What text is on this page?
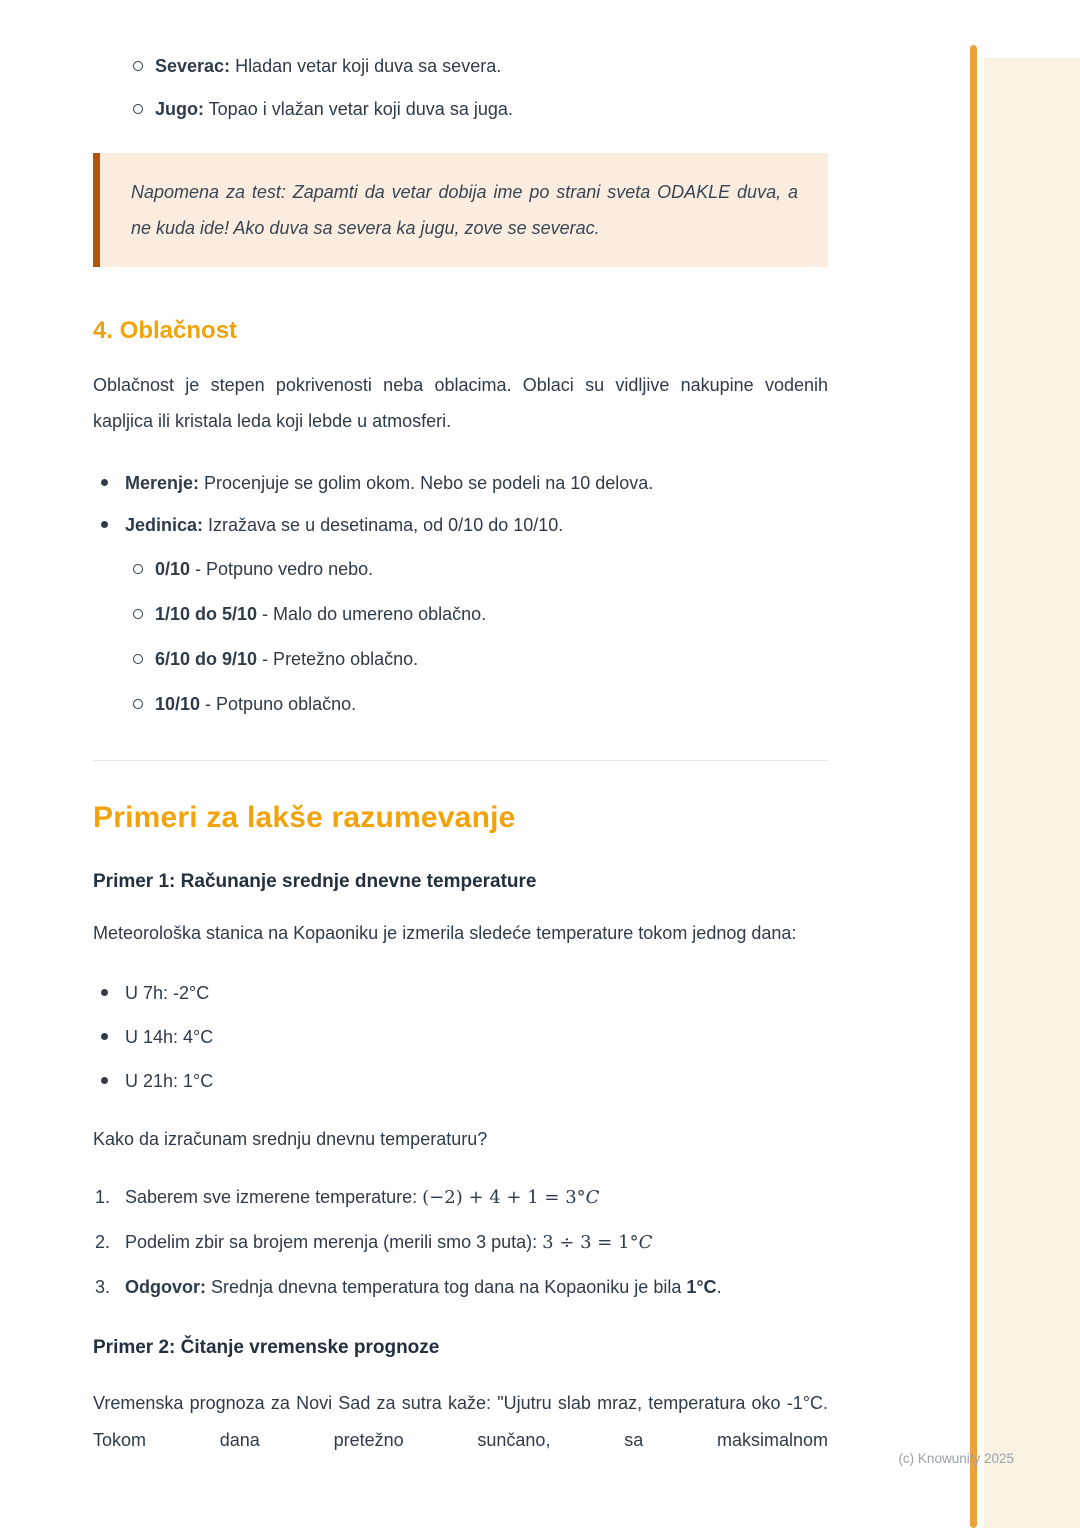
Severac: Hladan vetar koji duva sa severa.
Jugo: Topao i vlažan vetar koji duva sa juga.

Napomena za test: Zapamti da vetar dobija ime po strani sveta ODAKLE duva, a ne kuda ide! Ako duva sa severa ka jugu, zove se severac.

4. Oblačnost

Oblačnost je stepen pokrivenosti neba oblacima. Oblaci su vidljive nakupine vodenih kapljica ili kristala leda koji lebde u atmosferi.

Merenje: Procenjuje se golim okom. Nebo se podeli na 10 delova.
Jedinica: Izražava se u desetinama, od 0/10 do 10/10.
0/10 - Potpuno vedro nebo.
1/10 do 5/10 - Malo do umereno oblačno.
6/10 do 9/10 - Pretežno oblačno.
10/10 - Potpuno oblačno.
Primeri za lakše razumevanje
Primer 1: Računanje srednje dnevne temperature

Meteorološka stanica na Kopaoniku je izmerila sledeće temperature tokom jednog dana:

U 7h: -2°C
U 14h: 4°C
U 21h: 1°C

Kako da izračunam srednju dnevnu temperaturu?

1. Saberem sve izmerene temperature: (−2) + 4 + 1 = 3°C
2. Podelim zbir sa brojem merenja (merili smo 3 puta): 3 ÷ 3 = 1°C
3. Odgovor: Srednja dnevna temperatura tog dana na Kopaoniku je bila 1°C.
Primer 2: Čitanje vremenske prognoze

Vremenska prognoza za Novi Sad za sutra kaže: "Ujutru slab mraz, temperatura oko -1°C. Tokom dana pretežno sunčano, sa maksimalnom

(c) Knowunity 2025
